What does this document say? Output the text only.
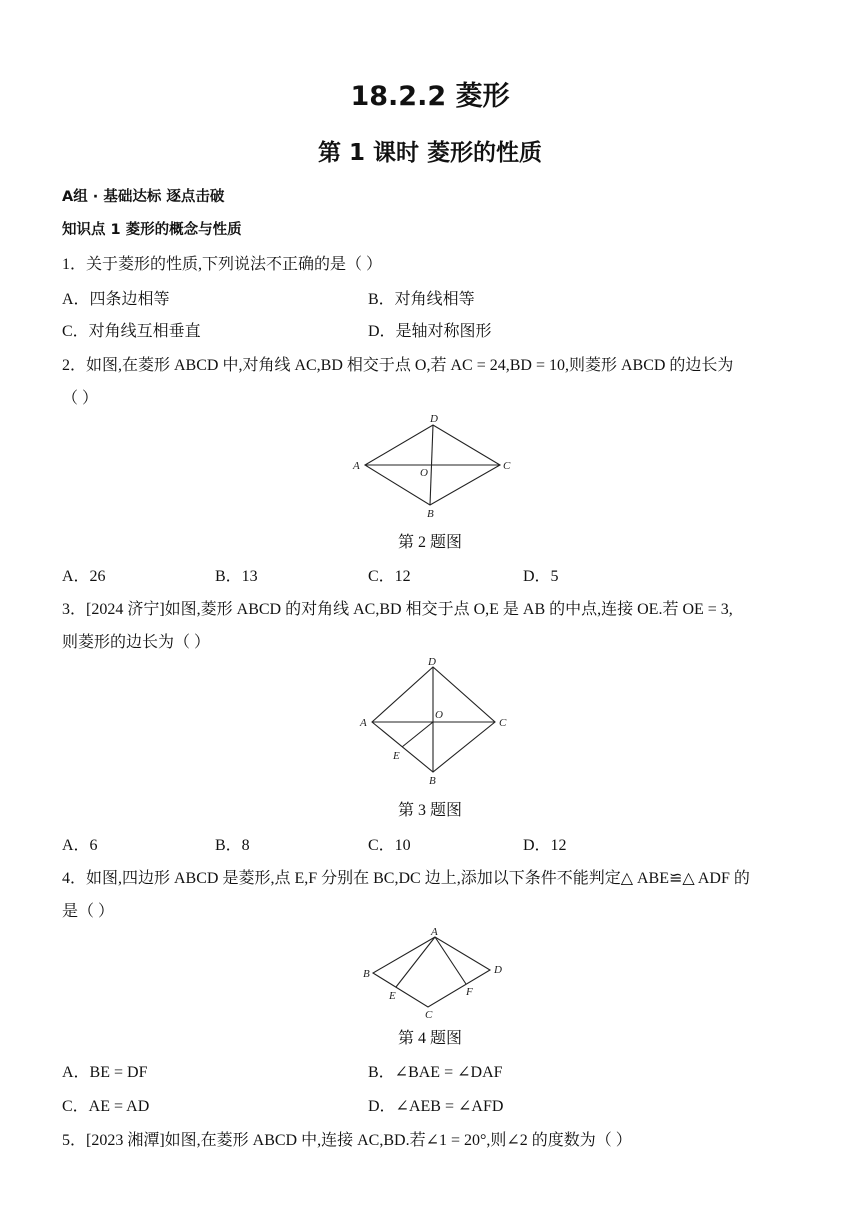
18.2.2 菱形
第 1 课时 菱形的性质
A组 · 基础达标 逐点击破
知识点 1 菱形的概念与性质
1．关于菱形的性质,下列说法不正确的是（ ）
A．四条边相等	B．对角线相等
C．对角线互相垂直	D．是轴对称图形
2．如图,在菱形 ABCD 中,对角线 AC,BD 相交于点 O,若 AC = 24,BD = 10,则菱形 ABCD 的边长为
（ ）
D
A
O
C
B
第 2 题图
A．26	B．13	C．12	D．5
3．[2024 济宁]如图,菱形 ABCD 的对角线 AC,BD 相交于点 O,E 是 AB 的中点,连接 OE.若 OE = 3,
则菱形的边长为（ ）
D
A
O
C
E
B
第 3 题图
A．6	B．8	C．10	D．12
4．如图,四边形 ABCD 是菱形,点 E,F 分别在 BC,DC 边上,添加以下条件不能判定△ ABE≌△ ADF 的
是（ ）
A
B	D
E	F
C
第 4 题图
A．BE = DF	B．∠BAE = ∠DAF
C．AE = AD	D．∠AEB = ∠AFD
5．[2023 湘潭]如图,在菱形 ABCD 中,连接 AC,BD.若∠1 = 20°,则∠2 的度数为（ ）
